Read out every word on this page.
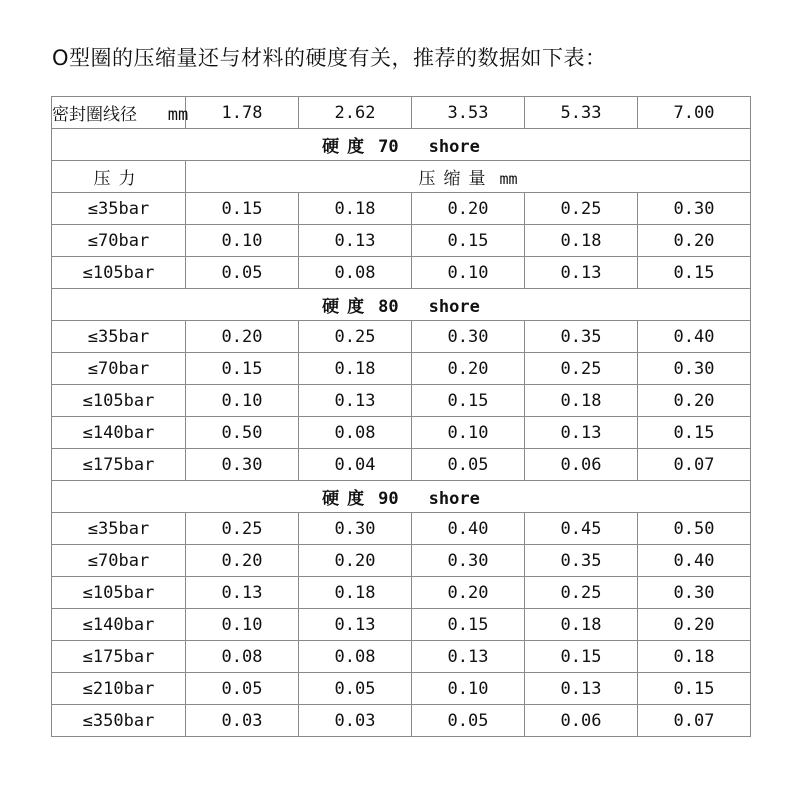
O型圈的压缩量还与材料的硬度有关，推荐的数据如下表：
密封圈线径 mm	1.78	2.62	3.53	5.33	7.00
硬度 70 shore					
压力	压缩量 mm				
≤35bar	0.15	0.18	0.20	0.25	0.30
≤70bar	0.10	0.13	0.15	0.18	0.20
≤105bar	0.05	0.08	0.10	0.13	0.15
硬度 80 shore					
≤35bar	0.20	0.25	0.30	0.35	0.40
≤70bar	0.15	0.18	0.20	0.25	0.30
≤105bar	0.10	0.13	0.15	0.18	0.20
≤140bar	0.50	0.08	0.10	0.13	0.15
≤175bar	0.30	0.04	0.05	0.06	0.07
硬度 90 shore					
≤35bar	0.25	0.30	0.40	0.45	0.50
≤70bar	0.20	0.20	0.30	0.35	0.40
≤105bar	0.13	0.18	0.20	0.25	0.30
≤140bar	0.10	0.13	0.15	0.18	0.20
≤175bar	0.08	0.08	0.13	0.15	0.18
≤210bar	0.05	0.05	0.10	0.13	0.15
≤350bar	0.03	0.03	0.05	0.06	0.07
